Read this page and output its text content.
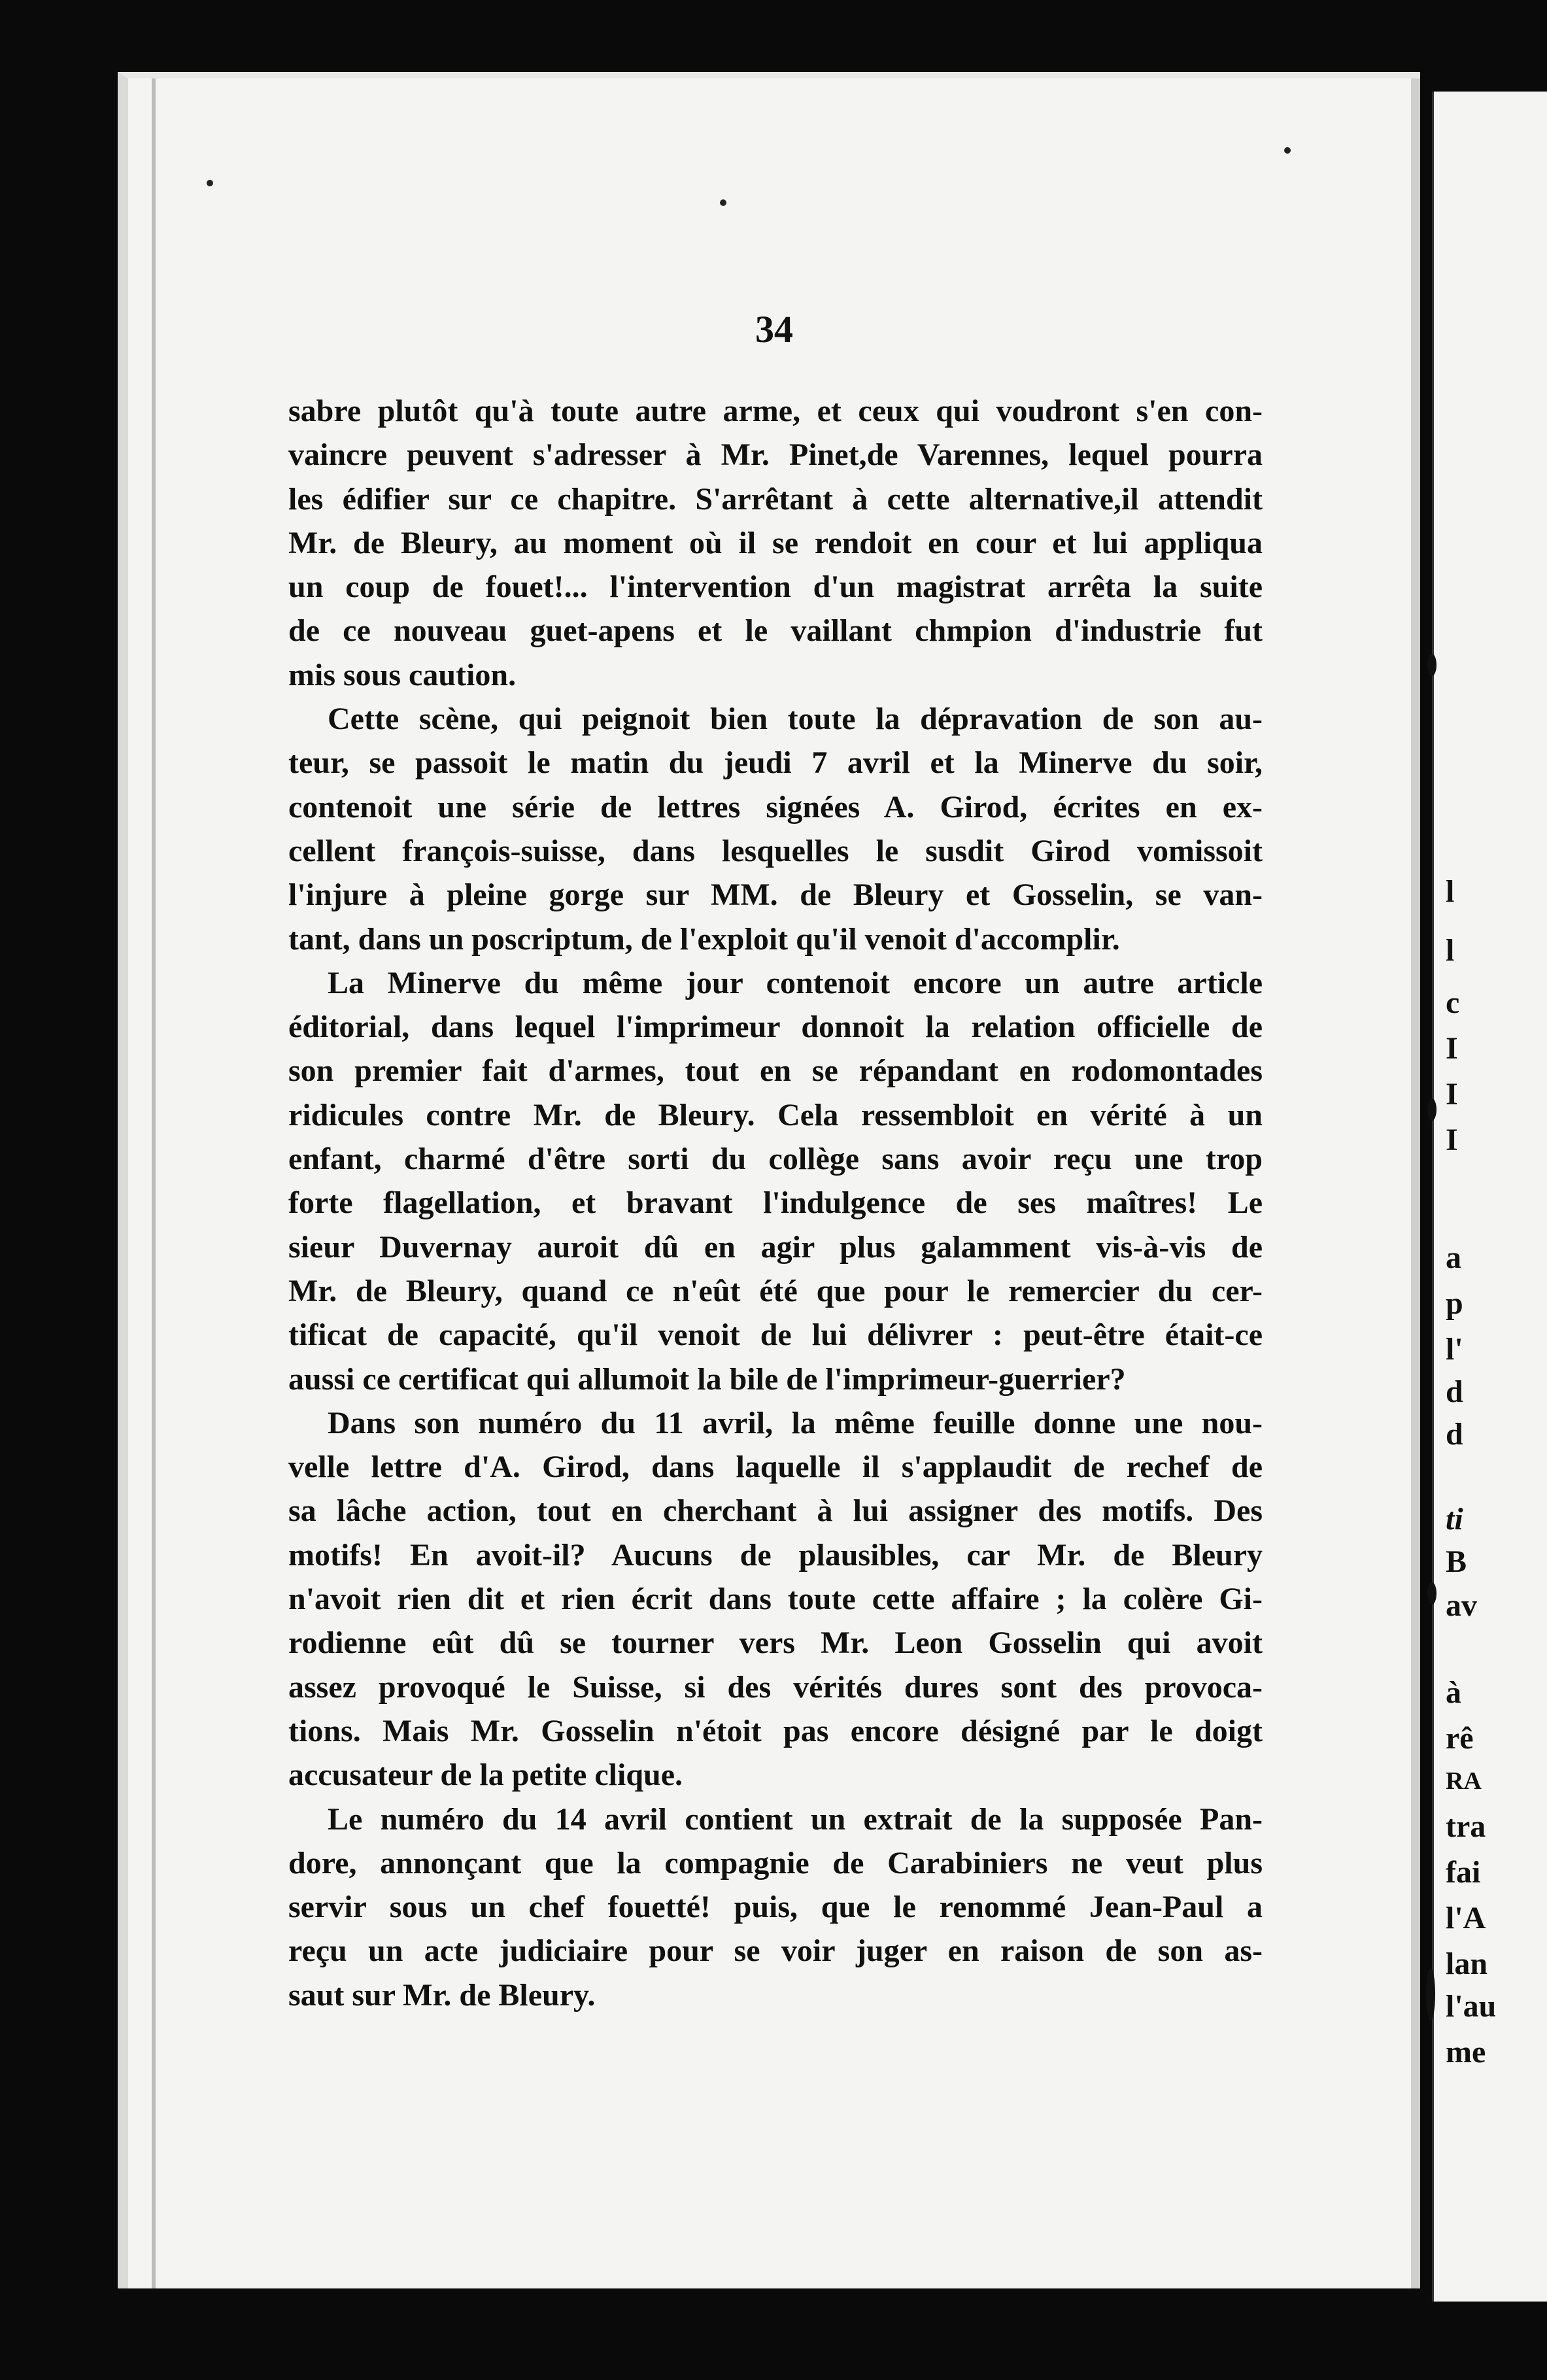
34
sabre plutôt qu'à toute autre arme, et ceux qui voudront s'en con-
vaincre peuvent s'adresser à Mr. Pinet,de Varennes, lequel pourra
les édifier sur ce chapitre. S'arrêtant à cette alternative,il attendit
Mr. de Bleury, au moment où il se rendoit en cour et lui appliqua
un coup de fouet!... l'intervention d'un magistrat arrêta la suite
de ce nouveau guet-apens et le vaillant chmpion d'industrie fut
mis sous caution.
Cette scène, qui peignoit bien toute la dépravation de son au-
teur, se passoit le matin du jeudi 7 avril et la Minerve du soir,
contenoit une série de lettres signées A. Girod, écrites en ex-
cellent françois-suisse, dans lesquelles le susdit Girod vomissoit
l'injure à pleine gorge sur MM. de Bleury et Gosselin, se van-
tant, dans un poscriptum, de l'exploit qu'il venoit d'accomplir.
La Minerve du même jour contenoit encore un autre article
éditorial, dans lequel l'imprimeur donnoit la relation officielle de
son premier fait d'armes, tout en se répandant en rodomontades
ridicules contre Mr. de Bleury. Cela ressembloit en vérité à un
enfant, charmé d'être sorti du collège sans avoir reçu une trop
forte flagellation, et bravant l'indulgence de ses maîtres! Le
sieur Duvernay auroit dû en agir plus galamment vis-à-vis de
Mr. de Bleury, quand ce n'eût été que pour le remercier du cer-
tificat de capacité, qu'il venoit de lui délivrer : peut-être était-ce
aussi ce certificat qui allumoit la bile de l'imprimeur-guerrier?
Dans son numéro du 11 avril, la même feuille donne une nou-
velle lettre d'A. Girod, dans laquelle il s'applaudit de rechef de
sa lâche action, tout en cherchant à lui assigner des motifs. Des
motifs! En avoit-il? Aucuns de plausibles, car Mr. de Bleury
n'avoit rien dit et rien écrit dans toute cette affaire ; la colère Gi-
rodienne eût dû se tourner vers Mr. Leon Gosselin qui avoit
assez provoqué le Suisse, si des vérités dures sont des provoca-
tions. Mais Mr. Gosselin n'étoit pas encore désigné par le doigt
accusateur de la petite clique.
Le numéro du 14 avril contient un extrait de la supposée Pan-
dore, annonçant que la compagnie de Carabiniers ne veut plus
servir sous un chef fouetté! puis, que le renommé Jean-Paul a
reçu un acte judiciaire pour se voir juger en raison de son as-
saut sur Mr. de Bleury.
l
l
c
I
I
I
a
p
l'
d
d
ti
B
av
à
rê
RA
tra
fai
l'A
lan
l'au
me
